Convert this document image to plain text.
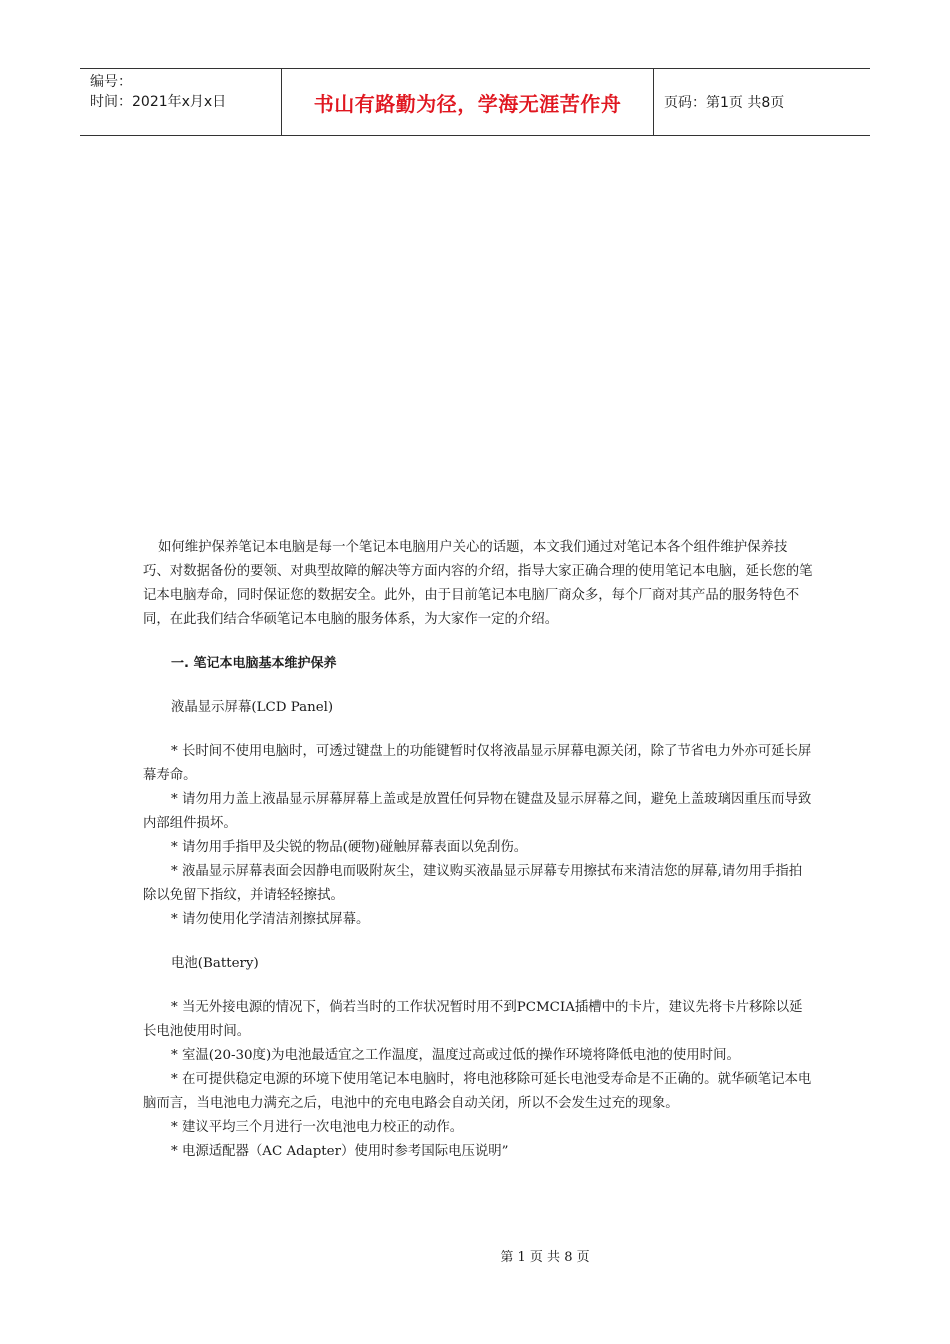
编号：
时间：2021年x月x日	书山有路勤为径，学海无涯苦作舟	页码：第1页 共8页

如何维护保养笔记本电脑是每一个笔记本电脑用户关心的话题，本文我们通过对笔记本各个组件维护保养技巧、对数据备份的要领、对典型故障的解决等方面内容的介绍，指导大家正确合理的使用笔记本电脑，延长您的笔记本电脑寿命，同时保证您的数据安全。此外，由于目前笔记本电脑厂商众多，每个厂商对其产品的服务特色不同，在此我们结合华硕笔记本电脑的服务体系，为大家作一定的介绍。

一. 笔记本电脑基本维护保养
液晶显示屏幕(LCD Panel)

* 长时间不使用电脑时，可透过键盘上的功能键暂时仅将液晶显示屏幕电源关闭，除了节省电力外亦可延长屏幕寿命。

* 请勿用力盖上液晶显示屏幕屏幕上盖或是放置任何异物在键盘及显示屏幕之间，避免上盖玻璃因重压而导致内部组件损坏。

* 请勿用手指甲及尖锐的物品(硬物)碰触屏幕表面以免刮伤。

* 液晶显示屏幕表面会因静电而吸附灰尘，建议购买液晶显示屏幕专用擦拭布来清洁您的屏幕,请勿用手指拍除以免留下指纹，并请轻轻擦拭。

* 请勿使用化学清洁剂擦拭屏幕。

电池(Battery)

* 当无外接电源的情况下，倘若当时的工作状况暂时用不到PCMCIA插槽中的卡片，建议先将卡片移除以延长电池使用时间。

* 室温(20-30度)为电池最适宜之工作温度，温度过高或过低的操作环境将降低电池的使用时间。

* 在可提供稳定电源的环境下使用笔记本电脑时，将电池移除可延长电池受寿命是不正确的。就华硕笔记本电脑而言，当电池电力满充之后，电池中的充电电路会自动关闭，所以不会发生过充的现象。

* 建议平均三个月进行一次电池电力校正的动作。

* 电源适配器（AC Adapter）使用时参考国际电压说明”

第 1 页 共 8 页
